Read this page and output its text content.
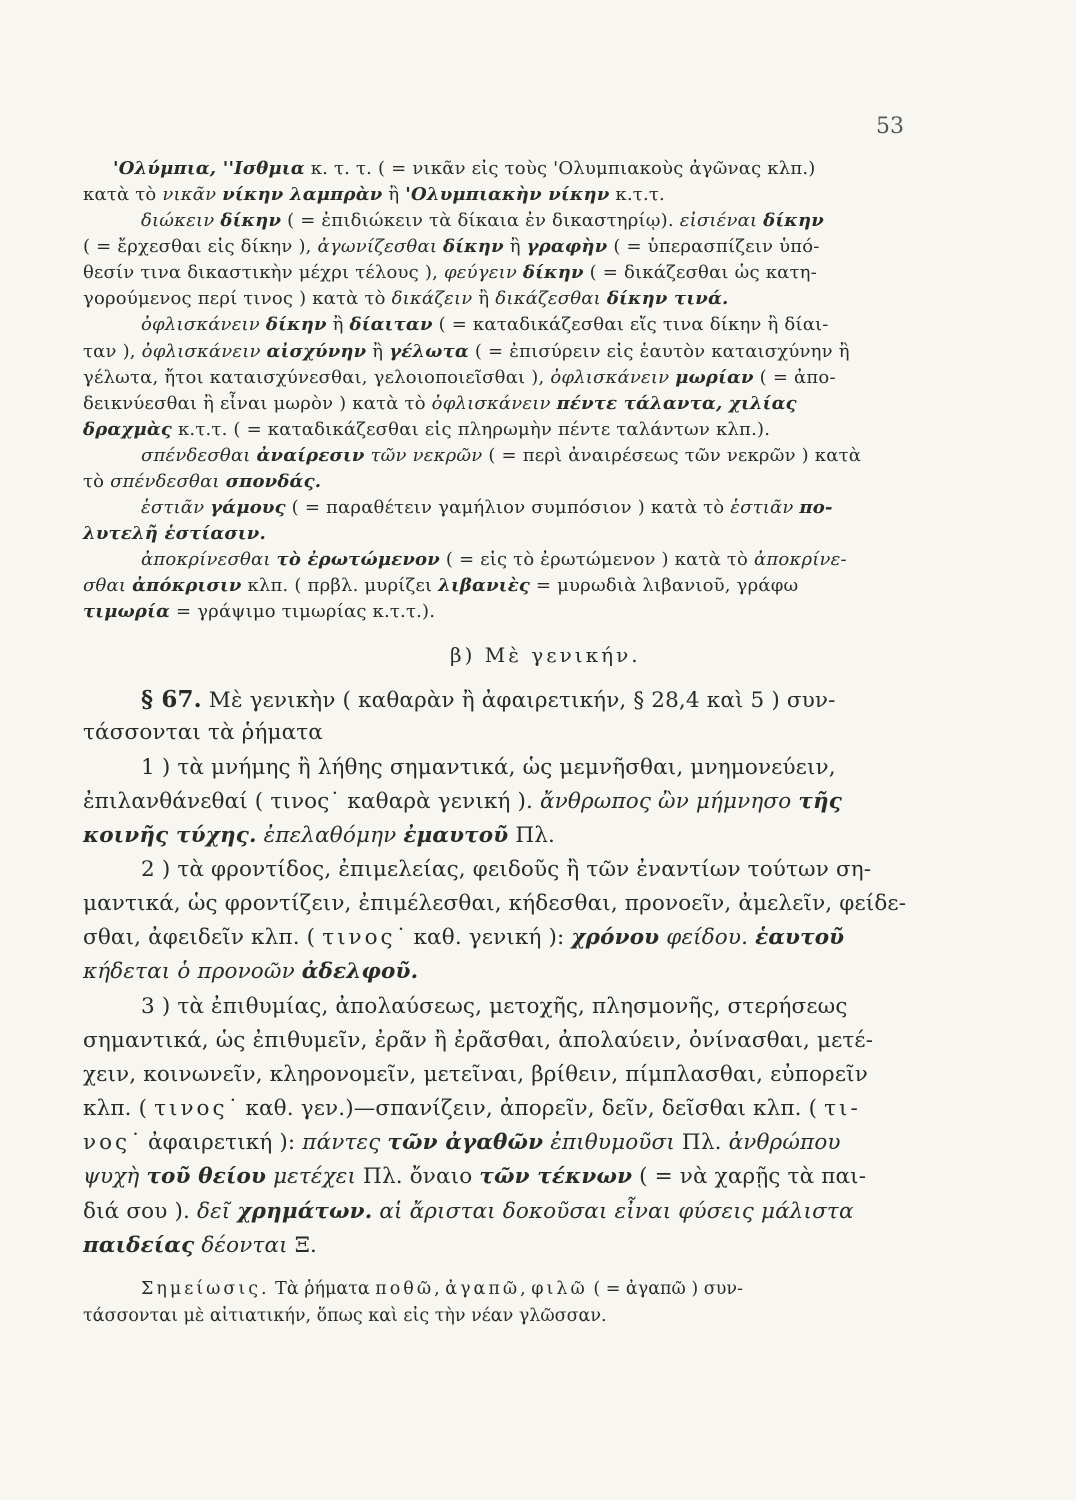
53
'Ολύμπια, ''Ισθμια κ. τ. τ. ( = νικᾶν εἰς τοὺς 'Ολυμπιακοὺς ἀγῶνας κλπ.)
κατὰ τὸ νικᾶν νίκην λαμπρὰν ἢ 'Ολυμπιακὴν νίκην κ.τ.τ.
διώκειν δίκην ( = ἐπιδιώκειν τὰ δίκαια ἐν δικαστηρίῳ). εἰσιέναι δίκην
( = ἔρχεσθαι εἰς δίκην ), ἀγωνίζεσθαι δίκην ἢ γραφὴν ( = ὑπερασπίζειν ὑπό-
θεσίν τινα δικαστικὴν μέχρι τέλους ), φεύγειν δίκην ( = δικάζεσθαι ὡς κατη-
γορούμενος περί τινος ) κατὰ τὸ δικάζειν ἢ δικάζεσθαι δίκην τινά.
ὀφλισκάνειν δίκην ἢ δίαιταν ( = καταδικάζεσθαι εἴς τινα δίκην ἢ δίαι-
ταν ), ὀφλισκάνειν αἰσχύνην ἢ γέλωτα ( = ἐπισύρειν εἰς ἑαυτὸν καταισχύνην ἢ
γέλωτα, ἤτοι καταισχύνεσθαι, γελοιοποιεῖσθαι ), ὀφλισκάνειν μωρίαν ( = ἀπο-
δεικνύεσθαι ἢ εἶναι μωρὸν ) κατὰ τὸ ὀφλισκάνειν πέντε τάλαντα, χιλίας
δραχμὰς κ.τ.τ. ( = καταδικάζεσθαι εἰς πληρωμὴν πέντε ταλάντων κλπ.).
σπένδεσθαι ἀναίρεσιν τῶν νεκρῶν ( = περὶ ἀναιρέσεως τῶν νεκρῶν ) κατὰ
τὸ σπένδεσθαι σπονδάς.
ἑστιᾶν γάμους ( = παραθέτειν γαμήλιον συμπόσιον ) κατὰ τὸ ἑστιᾶν πο-
λυτελῆ ἑστίασιν.
ἀποκρίνεσθαι τὸ ἐρωτώμενον ( = εἰς τὸ ἐρωτώμενον ) κατὰ τὸ ἀποκρίνε-
σθαι ἀπόκρισιν κλπ. ( πρβλ. μυρίζει λιβανιὲς = μυρωδιὰ λιβανιοῦ, γράφω
τιμωρία = γράψιμο τιμωρίας κ.τ.τ.).
β) Μὲ γενικήν.
§ 67. Μὲ γενικὴν ( καθαρὰν ἢ ἀφαιρετικήν, § 28,4 καὶ 5 ) συν-
τάσσονται τὰ ῥήματα
1 ) τὰ μνήμης ἢ λήθης σημαντικά, ὡς μεμνῆσθαι, μνημονεύειν,
ἐπιλανθάνεθαί ( τινος˙ καθαρὰ γενική ). ἄνθρωπος ὢν μήμνησο τῆς
κοινῆς τύχης. ἐπελαθόμην ἐμαυτοῦ Πλ.
2 ) τὰ φροντίδος, ἐπιμελείας, φειδοῦς ἢ τῶν ἐναντίων τούτων ση-
μαντικά, ὡς φροντίζειν, ἐπιμέλεσθαι, κήδεσθαι, προνοεῖν, ἀμελεῖν, φείδε-
σθαι, ἀφειδεῖν κλπ. ( τινος˙ καθ. γενική ): χρόνου φείδου. ἑαυτοῦ
κήδεται ὁ προνοῶν ἀδελφοῦ.
3 ) τὰ ἐπιθυμίας, ἀπολαύσεως, μετοχῆς, πλησμονῆς, στερήσεως
σημαντικά, ὡς ἐπιθυμεῖν, ἐρᾶν ἢ ἐρᾶσθαι, ἀπολαύειν, ὀνίνασθαι, μετέ-
χειν, κοινωνεῖν, κληρονομεῖν, μετεῖναι, βρίθειν, πίμπλασθαι, εὐπορεῖν
κλπ. ( τινος˙ καθ. γεν.)—σπανίζειν, ἀπορεῖν, δεῖν, δεῖσθαι κλπ. ( τι-
νος˙ ἀφαιρετική ): πάντες τῶν ἀγαθῶν ἐπιθυμοῦσι Πλ. ἀνθρώπου
ψυχὴ τοῦ θείου μετέχει Πλ. ὄναιο τῶν τέκνων ( = νὰ χαρῇς τὰ παι-
διά σου ). δεῖ χρημάτων. αἱ ἄρισται δοκοῦσαι εἶναι φύσεις μάλιστα
παιδείας δέονται Ξ.
Σημείωσις. Τὰ ῥήματα ποθῶ, ἀγαπῶ, φιλῶ ( = ἀγαπῶ ) συν-
τάσσονται μὲ αἰτιατικήν, ὅπως καὶ εἰς τὴν νέαν γλῶσσαν.
